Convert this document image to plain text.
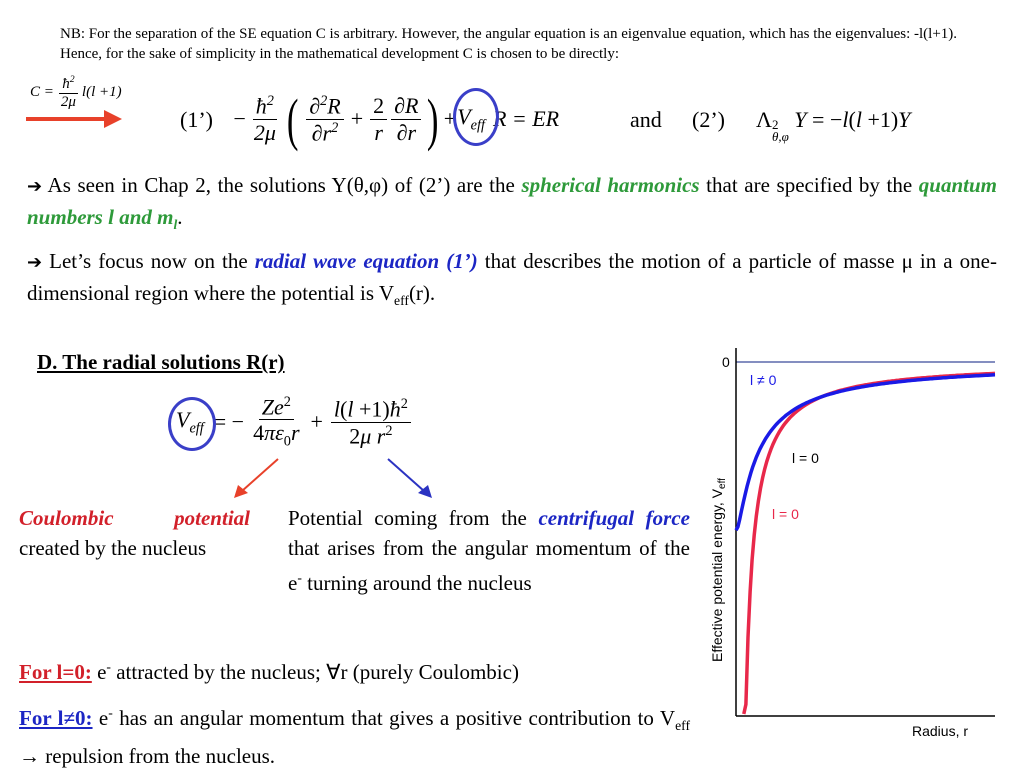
NB: For the separation of the SE equation C is arbitrary. However, the angular equation is an eigenvalue equation, which has the eigenvalues: -l(l+1). Hence, for the sake of simplicity in the mathematical development C is chosen to be directly:
$C = \frac{ħ^2}{2\mu} l(l +1)$
(1’) − $\frac{ħ^2}{2\mu}$ ( $\frac{\partial^2R}{\partial r^2} + \frac{2}{r} \frac{\partial R}{\partial r}$ ) + $V_{eff}$ R = ER	and (2’) Λ 2
θ,φ
Y = −l(l +1)Y
➔ As seen in Chap 2, the solutions Y(θ,φ) of (2’) are the spherical harmonics that are specified by the quantum numbers l and $m_l$.
➔ Let’s focus now on the radial wave equation (1’) that describes the motion of a particle of masse μ in a one-dimensional region where the potential is $V_{eff}(r)$.
D. The radial solutions R(r)
$V_{eff}$ = − $\frac{Ze^2}{4\pi\varepsilon_0r} + \frac{l(l +1)ħ^2}{2\mu r^2}$
Coulombic potential created by the nucleus
Potential coming from the centrifugal force that arises from the angular momentum of the e- turning around the nucleus
For l=0: e- attracted by the nucleus; ∀r (purely Coulombic)
For l≠0: e- has an angular momentum that gives a positive contribution to $V_{eff}$ → repulsion from the nucleus.
Effective potential energy, $V_{eff}$
0
l ≠ 0
l = 0
l = 0
Radius, r
